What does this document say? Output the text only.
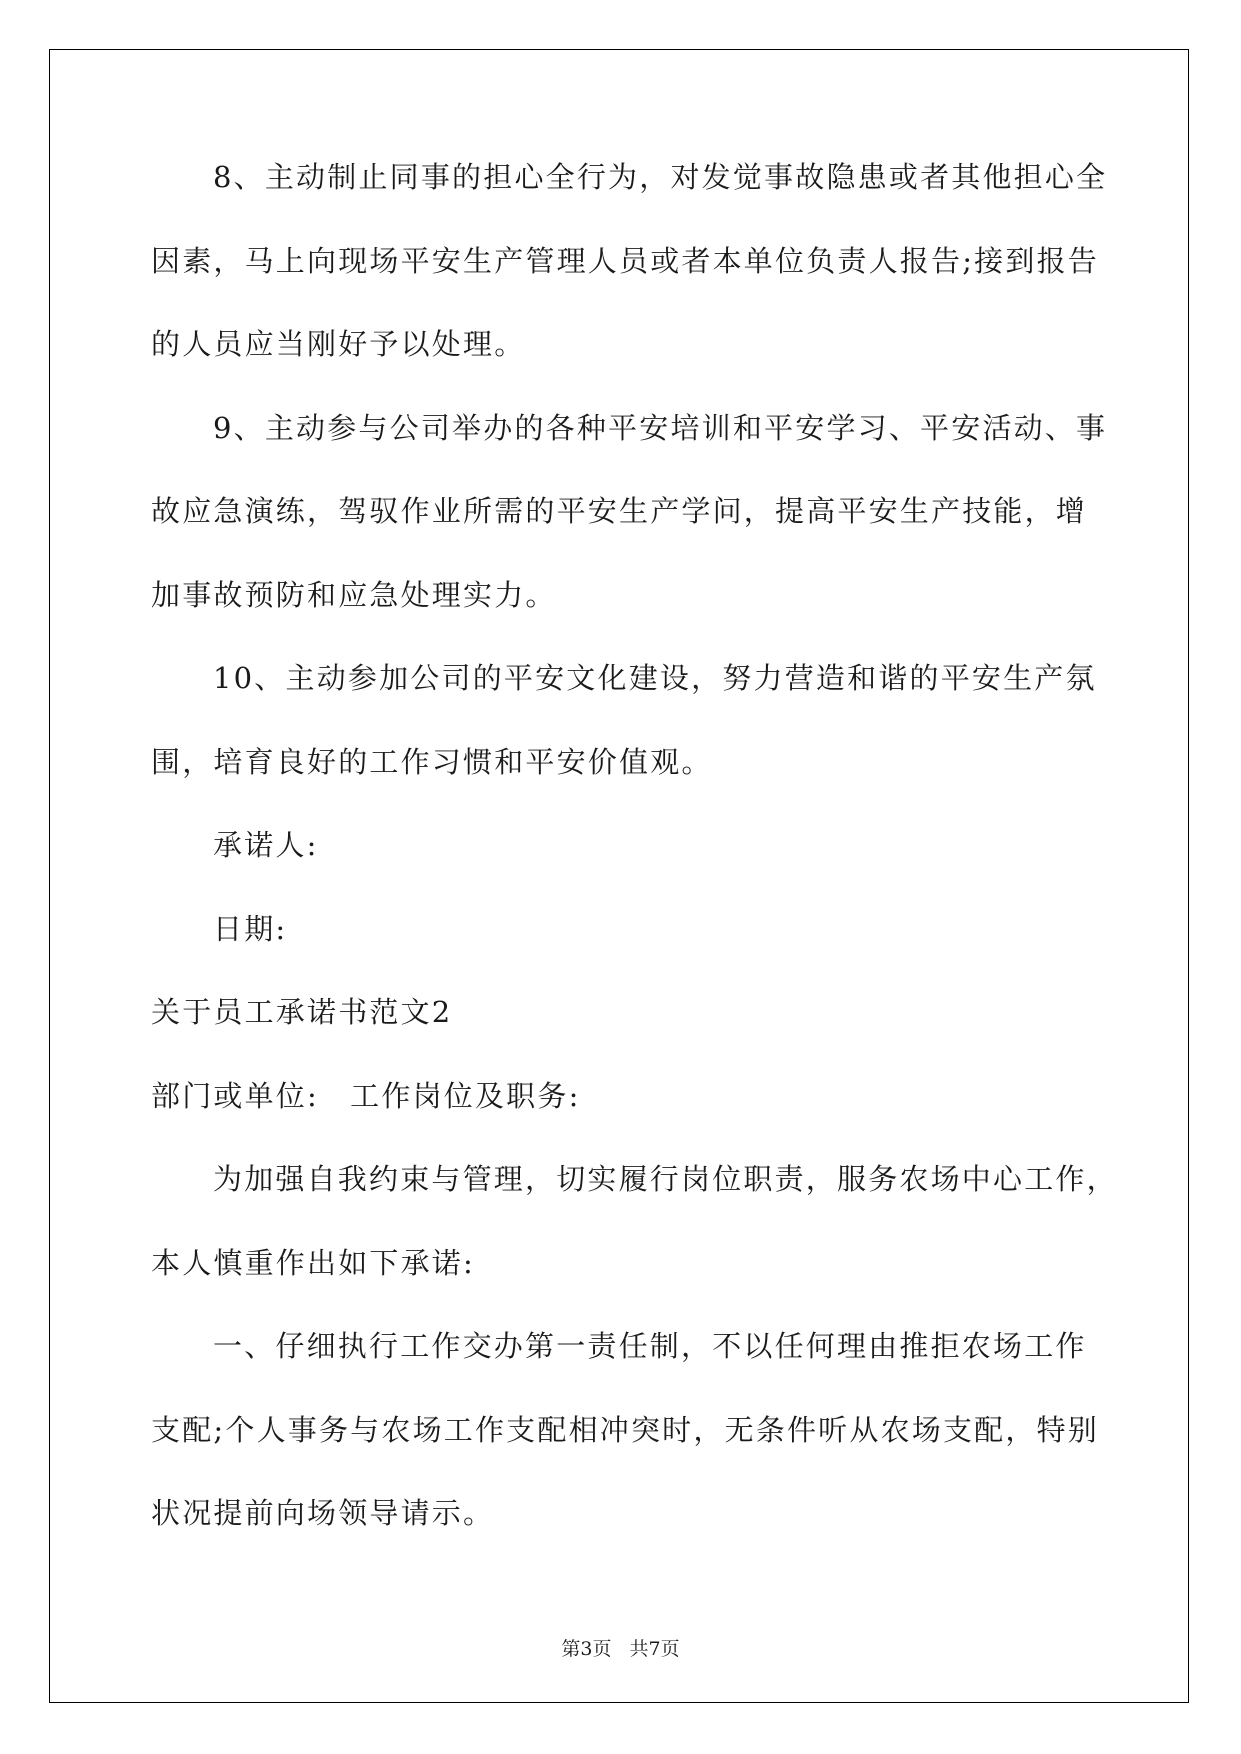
8、主动制止同事的担心全行为，对发觉事故隐患或者其他担心全
因素，马上向现场平安生产管理人员或者本单位负责人报告;接到报告
的人员应当刚好予以处理。
9、主动参与公司举办的各种平安培训和平安学习、平安活动、事
故应急演练，驾驭作业所需的平安生产学问，提高平安生产技能，增
加事故预防和应急处理实力。
10、主动参加公司的平安文化建设，努力营造和谐的平安生产氛
围，培育良好的工作习惯和平安价值观。
承诺人:
日期:
关于员工承诺书范文2
部门或单位:　工作岗位及职务:
为加强自我约束与管理，切实履行岗位职责，服务农场中心工作，
本人慎重作出如下承诺:
一、仔细执行工作交办第一责任制，不以任何理由推拒农场工作
支配;个人事务与农场工作支配相冲突时，无条件听从农场支配，特别
状况提前向场领导请示。
第3页 共7页
